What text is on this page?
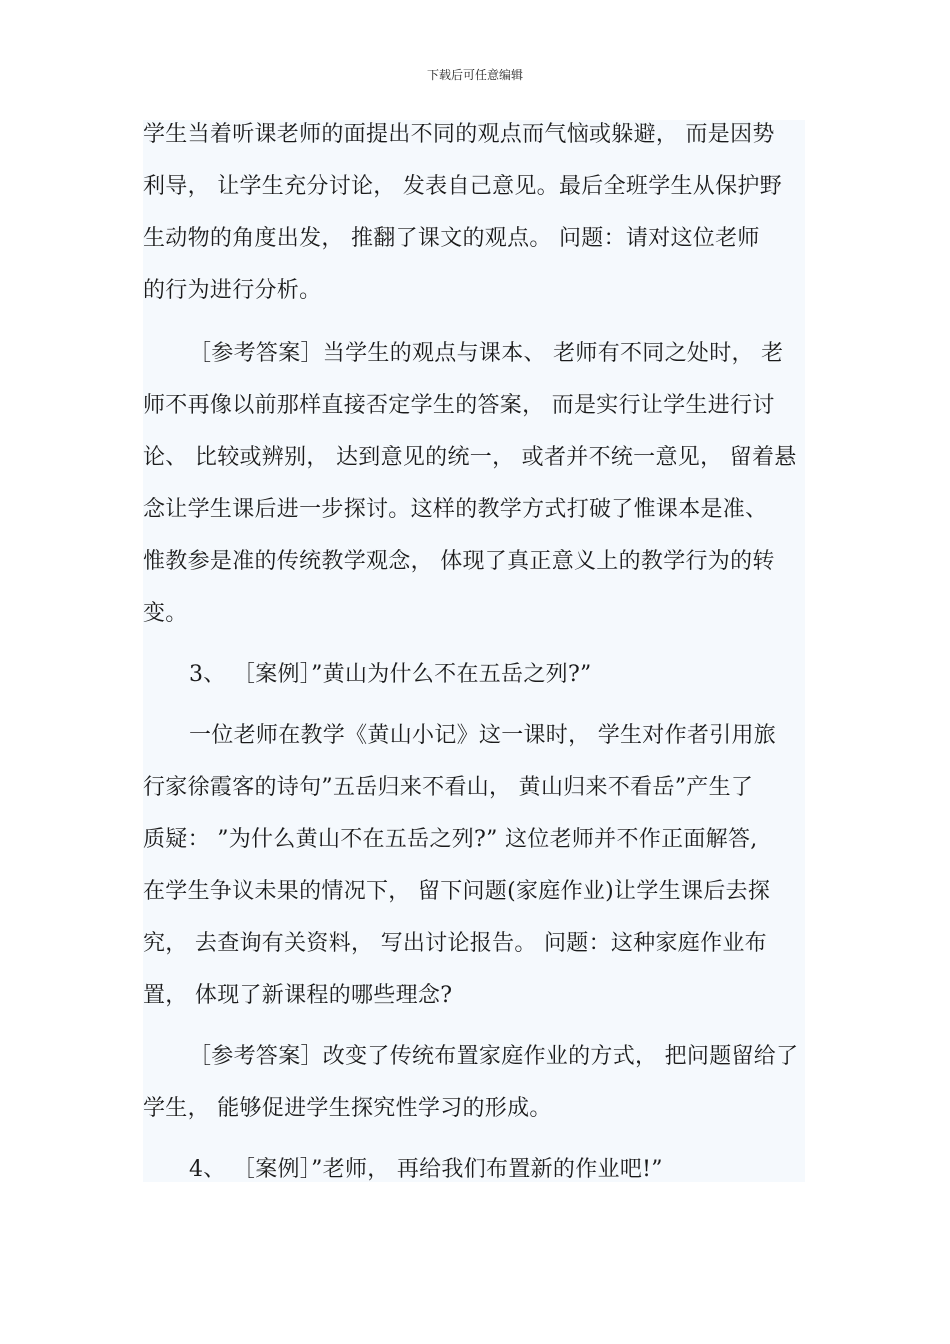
下载后可任意编辑
学生当着听课老师的面提出不同的观点而气恼或躲避， 而是因势
利导， 让学生充分讨论， 发表自己意见。最后全班学生从保护野
生动物的角度出发， 推翻了课文的观点。 问题：请对这位老师
的行为进行分析。
［参考答案］当学生的观点与课本、 老师有不同之处时， 老
师不再像以前那样直接否定学生的答案， 而是实行让学生进行讨
论、 比较或辨别， 达到意见的统一， 或者并不统一意见， 留着悬
念让学生课后进一步探讨。这样的教学方式打破了惟课本是准、
惟教参是准的传统教学观念， 体现了真正意义上的教学行为的转
变。
3、 ［案例］”黄山为什么不在五岳之列?”
一位老师在教学《黄山小记》这一课时， 学生对作者引用旅
行家徐霞客的诗句”五岳归来不看山， 黄山归来不看岳”产生了
质疑： ”为什么黄山不在五岳之列?” 这位老师并不作正面解答,
在学生争议未果的情况下， 留下问题(家庭作业)让学生课后去探
究， 去查询有关资料， 写出讨论报告。 问题：这种家庭作业布
置， 体现了新课程的哪些理念?
［参考答案］改变了传统布置家庭作业的方式， 把问题留给了
学生， 能够促进学生探究性学习的形成。
4、 ［案例］”老师， 再给我们布置新的作业吧!”
